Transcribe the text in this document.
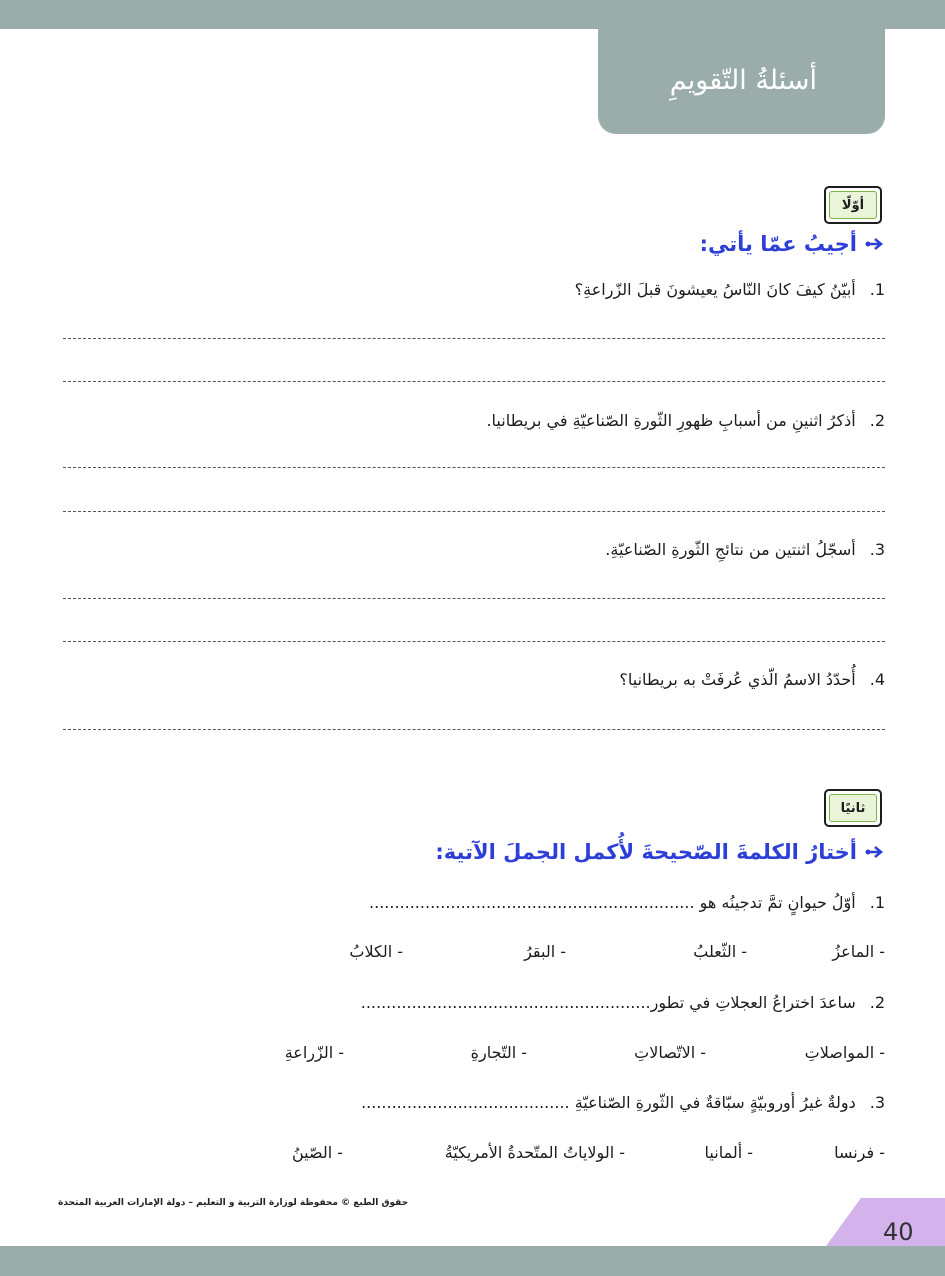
أسئلةُ التّقويمِ
أوّلًا
أجيبُ عمّا يأتي:
1.أبيّنُ كيفَ كانَ النّاسُ يعيشونَ قبلَ الزّراعةِ؟
2.أذكرُ اثنينِ من أسبابِ ظهورِ الثّورةِ الصّناعيّةِ في بريطانيا.
3.أسجّلُ اثنتين من نتائجِ الثّورةِ الصّناعيّةِ.
4.أُحدّدُ الاسمُ الّذي عُرفَتْ به بريطانيا؟
ثانيًا
أختارُ الكلمةَ الصّحيحةَ لأُكمل الجملَ الآتية:
1.أوّلُ حيوانٍ تمَّ تدجينُه هو ................................................................
- الماعزُ
- الثّعلبُ
- البقرُ
- الكلابُ
2.ساعدَ اختراعُ العجلاتِ في تطور.........................................................
- المواصلاتِ
- الاتّصالاتِ
- التّجارةِ
- الزّراعةِ
3.دولةٌ غيرُ أوروبيّةٍ سبّاقةٌ في الثّورةِ الصّناعيّةِ .........................................
- فرنسا
- ألمانيا
- الولاياتُ المتّحدةُ الأمريكيّةُ
- الصّينُ
حقوق الطبع © محفوظة لوزارة التربية و التعليم – دولة الإمارات العربية المتحدة
40
